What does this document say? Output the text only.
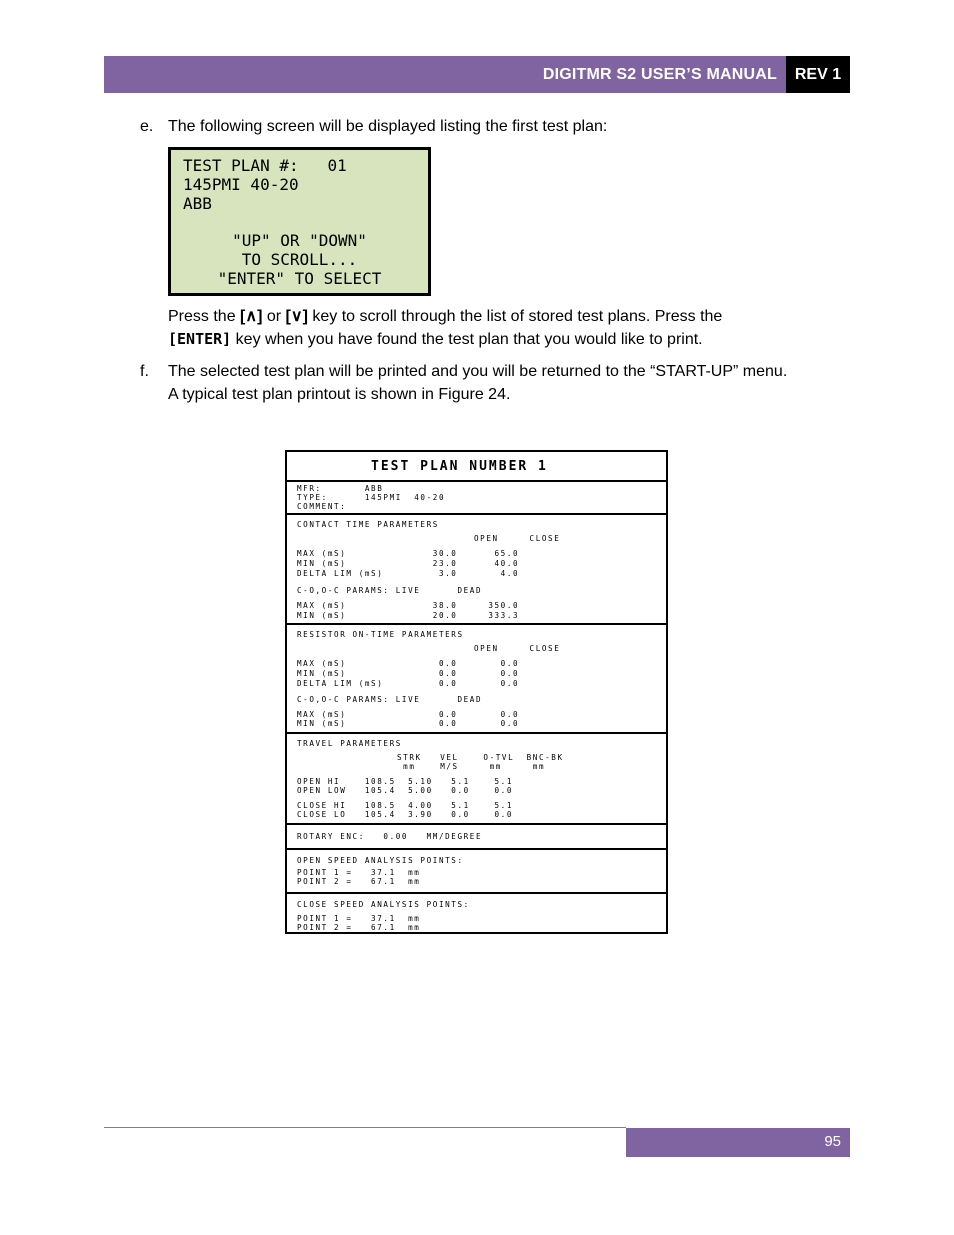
DIGITMR S2 USER’S MANUAL	REV 1
e. The following screen will be displayed listing the first test plan:
TEST PLAN #:   01
145PMI 40-20
ABB
"UP" OR "DOWN"
TO SCROLL...
"ENTER" TO SELECT
Press the [∧] or [∨] key to scroll through the list of stored test plans. Press the
[ENTER] key when you have found the test plan that you would like to print.
f. The selected test plan will be printed and you will be returned to the “START-UP” menu.
A typical test plan printout is shown in Figure 24.
TEST PLAN NUMBER 1
MFR:       ABB
TYPE:      145PMI  40-20
COMMENT:
CONTACT TIME PARAMETERS
OPEN     CLOSE
MAX (mS)              30.0      65.0
MIN (mS)              23.0      40.0
DELTA LIM (mS)         3.0       4.0
C-O,O-C PARAMS: LIVE      DEAD
MAX (mS)              38.0     350.0
MIN (mS)              20.0     333.3
RESISTOR ON-TIME PARAMETERS
OPEN     CLOSE
MAX (mS)               0.0       0.0
MIN (mS)               0.0       0.0
DELTA LIM (mS)         0.0       0.0
C-O,O-C PARAMS: LIVE      DEAD
MAX (mS)               0.0       0.0
MIN (mS)               0.0       0.0
TRAVEL PARAMETERS
STRK   VEL    O-TVL  BNC-BK
mm    M/S     mm     mm
OPEN HI    108.5  5.10   5.1    5.1
OPEN LOW   105.4  5.00   0.0    0.0
CLOSE HI   108.5  4.00   5.1    5.1
CLOSE LO   105.4  3.90   0.0    0.0
ROTARY ENC:   0.00   MM/DEGREE
OPEN SPEED ANALYSIS POINTS:
POINT 1 =   37.1  mm
POINT 2 =   67.1  mm
CLOSE SPEED ANALYSIS POINTS:
POINT 1 =   37.1  mm
POINT 2 =   67.1  mm
95
